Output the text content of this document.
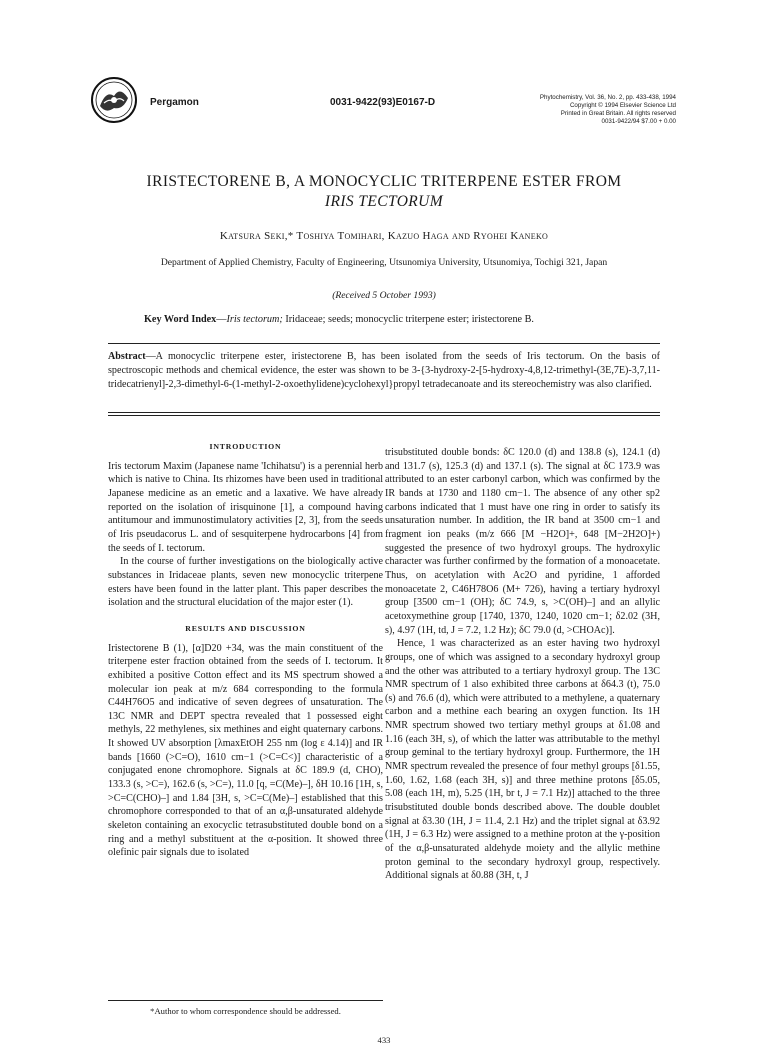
Pergamon	0031-9422(93)E0167-D	Phytochemistry, Vol. 36, No. 2, pp. 433-438, 1994
Copyright © 1994 Elsevier Science Ltd
Printed in Great Britain. All rights reserved
0031-9422/94 $7.00 + 0.00
IRISTECTORENE B, A MONOCYCLIC TRITERPENE ESTER FROM
IRIS TECTORUM
Katsura Seki,* Toshiya Tomihari, Kazuo Haga and Ryohei Kaneko
Department of Applied Chemistry, Faculty of Engineering, Utsunomiya University, Utsunomiya, Tochigi 321, Japan
(Received 5 October 1993)
Key Word Index—Iris tectorum; Iridaceae; seeds; monocyclic triterpene ester; iristectorene B.
Abstract—A monocyclic triterpene ester, iristectorene B, has been isolated from the seeds of Iris tectorum. On the basis of spectroscopic methods and chemical evidence, the ester was shown to be 3-{3-hydroxy-2-[5-hydroxy-4,8,12-trimethyl-(3E,7E)-3,7,11-tridecatrienyl]-2,3-dimethyl-6-(1-methyl-2-oxoethylidene)cyclohexyl}propyl tetradecanoate and its stereochemistry was also clarified.
INTRODUCTION

Iris tectorum Maxim (Japanese name 'Ichihatsu') is a perennial herb which is native to China. Its rhizomes have been used in traditional Japanese medicine as an emetic and a laxative. We have already reported on the isolation of irisquinone [1], a compound having antitumour and immunostimulatory activities [2, 3], from the seeds of Iris pseudacorus L. and of sesquiterpene hydrocarbons [4] from the seeds of I. tectorum.

In the course of further investigations on the biologically active substances in Iridaceae plants, seven new monocyclic triterpene esters have been found in the latter plant. This paper describes the isolation and the structural elucidation of the major ester (1).

RESULTS AND DISCUSSION

Iristectorene B (1), [α]D20 +34, was the main constituent of the triterpene ester fraction obtained from the seeds of I. tectorum. It exhibited a positive Cotton effect and its MS spectrum showed a molecular ion peak at m/z 684 corresponding to the formula C44H76O5 and indicative of seven degrees of unsaturation. The 13C NMR and DEPT spectra revealed that 1 possessed eight methyls, 22 methylenes, six methines and eight quaternary carbons. It showed UV absorption [λmaxEtOH 255 nm (log ε 4.14)] and IR bands [1660 (>C=O), 1610 cm−1 (>C=C<)] characteristic of a conjugated enone chromophore. Signals at δC 189.9 (d, CHO), 133.3 (s, >C=), 162.6 (s, >C=), 11.0 [q, =C(Me)–], δH 10.16 [1H, s, >C=C(CHO)–] and 1.84 [3H, s, >C=C(Me)–] established that this chromophore corresponded to that of an α,β-unsaturated aldehyde skeleton containing an exocyclic tetrasubstituted double bond on a ring and a methyl substituent at the α-position. It showed three olefinic pair signals due to isolated

trisubstituted double bonds: δC 120.0 (d) and 138.8 (s), 124.1 (d) and 131.7 (s), 125.3 (d) and 137.1 (s). The signal at δC 173.9 was attributed to an ester carbonyl carbon, which was confirmed by the IR bands at 1730 and 1180 cm−1. The absence of any other sp2 carbons indicated that 1 must have one ring in order to satisfy its unsaturation number. In addition, the IR band at 3500 cm−1 and fragment ion peaks (m/z 666 [M −H2O]+, 648 [M−2H2O]+) suggested the presence of two hydroxyl groups. The hydroxylic character was further confirmed by the formation of a monoacetate. Thus, on acetylation with Ac2O and pyridine, 1 afforded monoacetate 2, C46H78O6 (M+ 726), having a tertiary hydroxyl group [3500 cm−1 (OH); δC 74.9, s, >C(OH)–] and an allylic acetoxymethine group [1740, 1370, 1240, 1020 cm−1; δ2.02 (3H, s), 4.97 (1H, td, J = 7.2, 1.2 Hz); δC 79.0 (d, >CHOAc)].

Hence, 1 was characterized as an ester having two hydroxyl groups, one of which was assigned to a secondary hydroxyl group and the other was attributed to a tertiary hydroxyl group. The 13C NMR spectrum of 1 also exhibited three carbons at δ64.3 (t), 75.0 (s) and 76.6 (d), which were attributed to a methylene, a quaternary carbon and a methine each bearing an oxygen function. Its 1H NMR spectrum showed two tertiary methyl groups at δ1.08 and 1.16 (each 3H, s), of which the latter was attributable to the methyl group geminal to the tertiary hydroxyl group. Furthermore, the 1H NMR spectrum revealed the presence of four methyl groups [δ1.55, 1.60, 1.62, 1.68 (each 3H, s)] and three methine protons [δ5.05, 5.08 (each 1H, m), 5.25 (1H, br t, J = 7.1 Hz)] attached to the three trisubstituted double bonds described above. The double doublet signal at δ3.30 (1H, J = 11.4, 2.1 Hz) and the triplet signal at δ3.92 (1H, J = 6.3 Hz) were assigned to a methine proton at the γ-position of the α,β-unsaturated aldehyde moiety and the allylic methine proton geminal to the secondary hydroxyl group, respectively. Additional signals at δ0.88 (3H, t, J

*Author to whom correspondence should be addressed.
433
